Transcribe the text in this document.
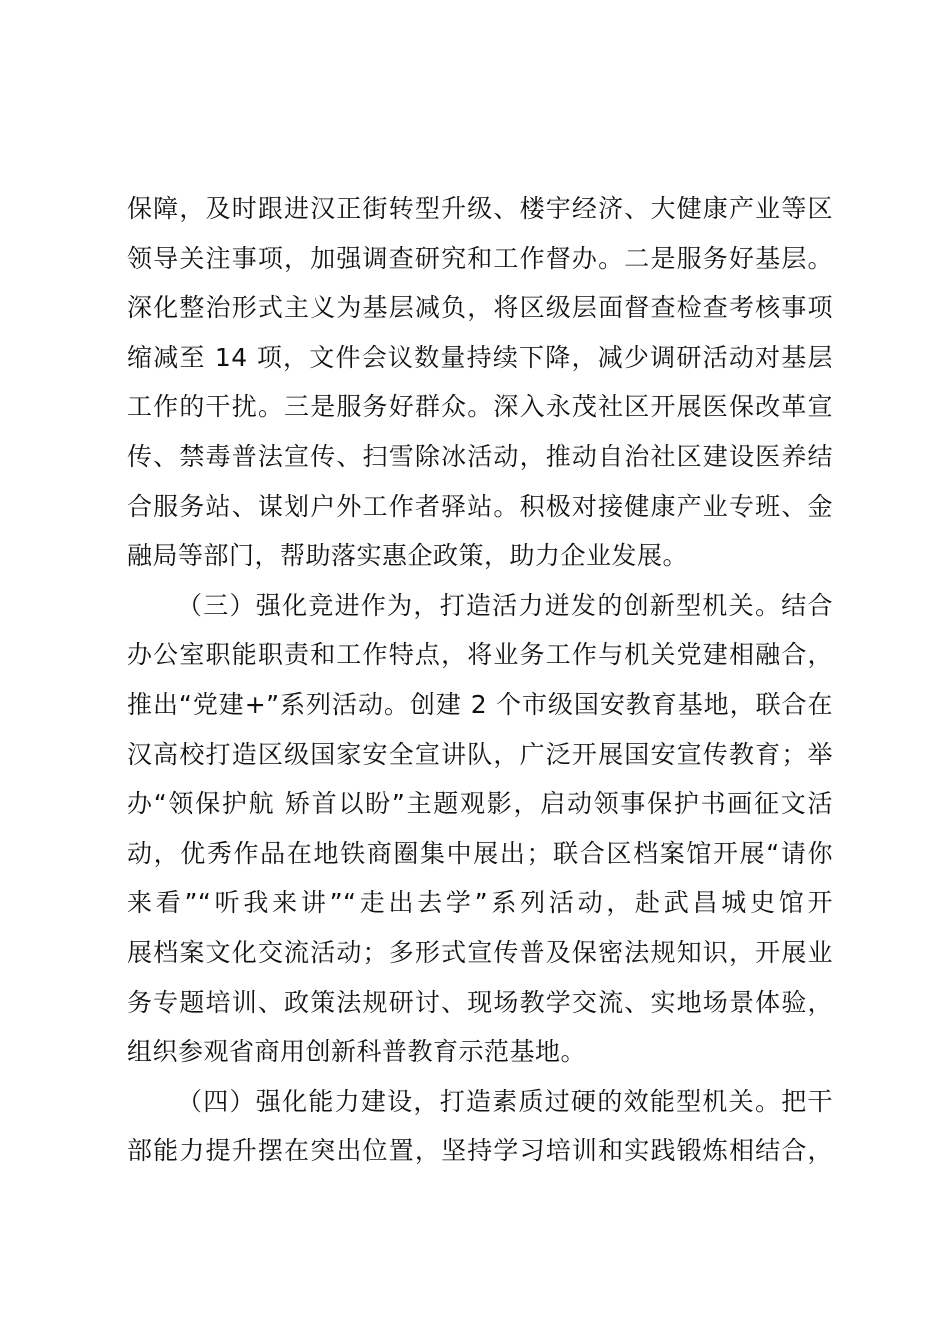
保障，及时跟进汉正街转型升级、楼宇经济、大健康产业等区
领导关注事项，加强调查研究和工作督办。二是服务好基层。
深化整治形式主义为基层减负，将区级层面督查检查考核事项
缩减至 14 项，文件会议数量持续下降，减少调研活动对基层
工作的干扰。三是服务好群众。深入永茂社区开展医保改革宣
传、禁毒普法宣传、扫雪除冰活动，推动自治社区建设医养结
合服务站、谋划户外工作者驿站。积极对接健康产业专班、金
融局等部门，帮助落实惠企政策，助力企业发展。
（三）强化竞进作为，打造活力迸发的创新型机关。结合
办公室职能职责和工作特点，将业务工作与机关党建相融合，
推出“党建+”系列活动。创建 2 个市级国安教育基地，联合在
汉高校打造区级国家安全宣讲队，广泛开展国安宣传教育；举
办“领保护航 矫首以盼”主题观影，启动领事保护书画征文活
动，优秀作品在地铁商圈集中展出；联合区档案馆开展“请你
来看”“听我来讲”“走出去学”系列活动，赴武昌城史馆开
展档案文化交流活动；多形式宣传普及保密法规知识，开展业
务专题培训、政策法规研讨、现场教学交流、实地场景体验，
组织参观省商用创新科普教育示范基地。
（四）强化能力建设，打造素质过硬的效能型机关。把干
部能力提升摆在突出位置，坚持学习培训和实践锻炼相结合，
